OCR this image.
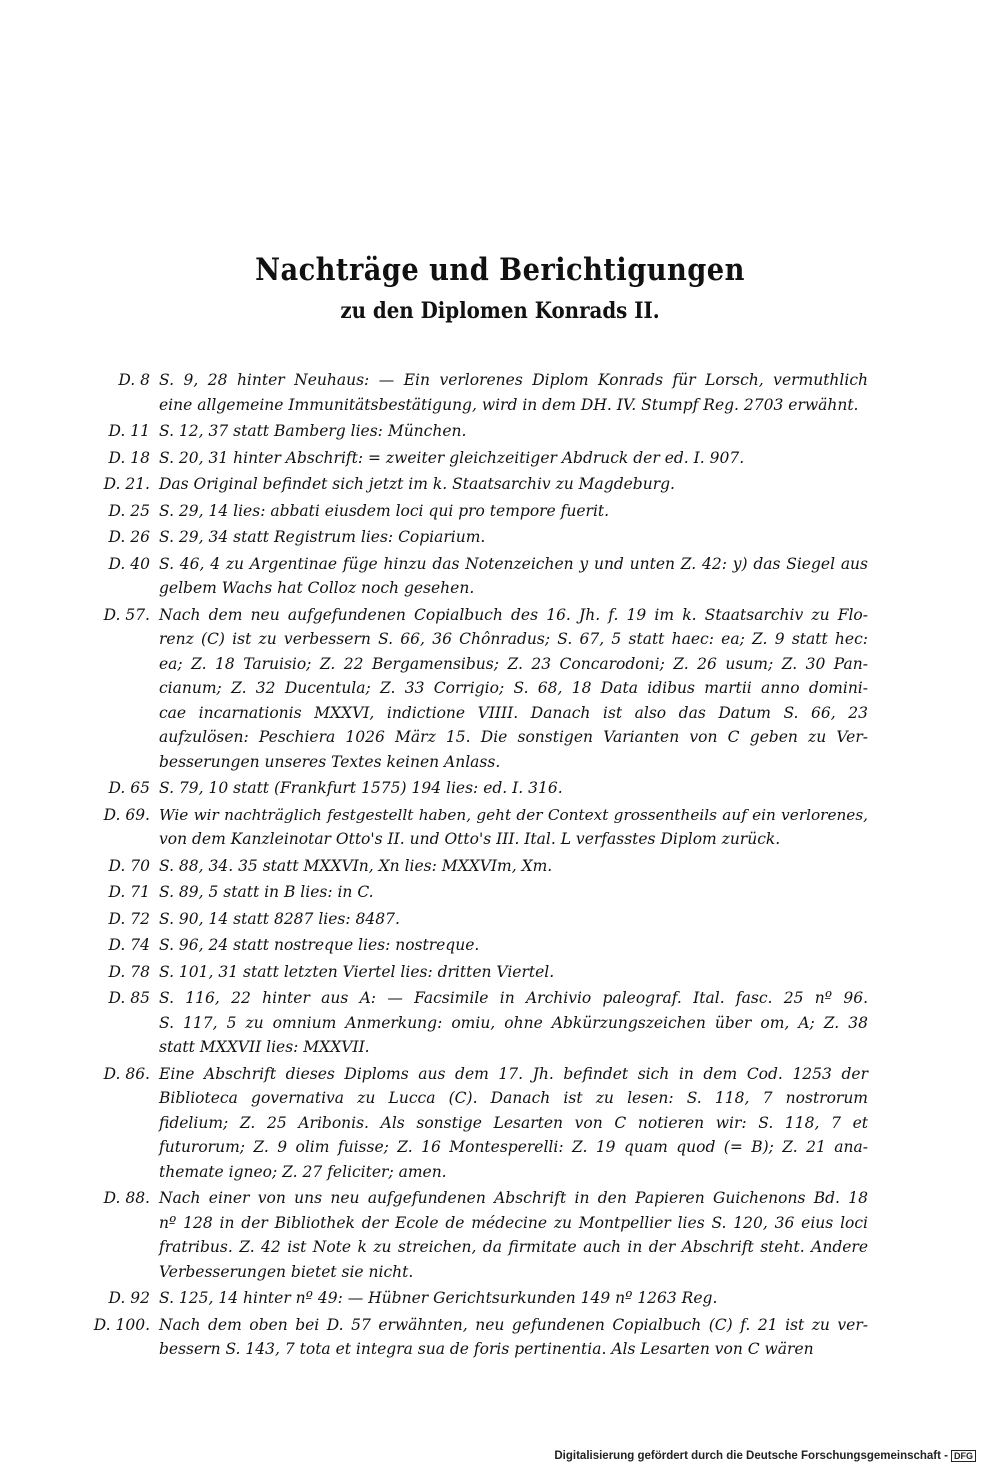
Nachträge und Berichtigungen
zu den Diplomen Konrads II.
D. 8 S. 9, 28 hinter Neuhaus: — Ein verlorenes Diplom Konrads für Lorsch, vermuthlich
eine allgemeine Immunitätsbestätigung, wird in dem DH. IV. Stumpf Reg. 2703 erwähnt.
D. 11 S. 12, 37 statt Bamberg lies: München.
D. 18 S. 20, 31 hinter Abschrift: = zweiter gleichzeitiger Abdruck der ed. I. 907.
D. 21. Das Original befindet sich jetzt im k. Staatsarchiv zu Magdeburg.
D. 25 S. 29, 14 lies: abbati eiusdem loci qui pro tempore fuerit.
D. 26 S. 29, 34 statt Registrum lies: Copiarium.
D. 40 S. 46, 4 zu Argentinae füge hinzu das Notenzeichen y und unten Z. 42: y) das Siegel aus
gelbem Wachs hat Colloz noch gesehen.
D. 57. Nach dem neu aufgefundenen Copialbuch des 16. Jh. f. 19 im k. Staatsarchiv zu Flo-
renz (C) ist zu verbessern S. 66, 36 Chônradus; S. 67, 5 statt haec: ea; Z. 9 statt hec:
ea; Z. 18 Taruisio; Z. 22 Bergamensibus; Z. 23 Concarodoni; Z. 26 usum; Z. 30 Pan-
cianum; Z. 32 Ducentula; Z. 33 Corrigio; S. 68, 18 Data idibus martii anno domini-
cae incarnationis MXXVI, indictione VIIII. Danach ist also das Datum S. 66, 23
aufzulösen: Peschiera 1026 März 15. Die sonstigen Varianten von C geben zu Ver-
besserungen unseres Textes keinen Anlass.
D. 65 S. 79, 10 statt (Frankfurt 1575) 194 lies: ed. I. 316.
D. 69. Wie wir nachträglich festgestellt haben, geht der Context grossentheils auf ein verlorenes,
von dem Kanzleinotar Otto's II. und Otto's III. Ital. L verfasstes Diplom zurück.
D. 70 S. 88, 34. 35 statt MXXVIn, Xn lies: MXXVIm, Xm.
D. 71 S. 89, 5 statt in B lies: in C.
D. 72 S. 90, 14 statt 8287 lies: 8487.
D. 74 S. 96, 24 statt nostreque lies: nostreque.
D. 78 S. 101, 31 statt letzten Viertel lies: dritten Viertel.
D. 85 S. 116, 22 hinter aus A: — Facsimile in Archivio paleograf. Ital. fasc. 25 nº 96.
S. 117, 5 zu omnium Anmerkung: omiu, ohne Abkürzungszeichen über om, A; Z. 38
statt MXXVII lies: MXXVII.
D. 86. Eine Abschrift dieses Diploms aus dem 17. Jh. befindet sich in dem Cod. 1253 der
Biblioteca governativa zu Lucca (C). Danach ist zu lesen: S. 118, 7 nostrorum
fidelium; Z. 25 Aribonis. Als sonstige Lesarten von C notieren wir: S. 118, 7 et
futurorum; Z. 9 olim fuisse; Z. 16 Montesperelli: Z. 19 quam quod (= B); Z. 21 ana-
themate igneo; Z. 27 feliciter; amen.
D. 88. Nach einer von uns neu aufgefundenen Abschrift in den Papieren Guichenons Bd. 18
nº 128 in der Bibliothek der Ecole de médecine zu Montpellier lies S. 120, 36 eius loci
fratribus. Z. 42 ist Note k zu streichen, da firmitate auch in der Abschrift steht. Andere
Verbesserungen bietet sie nicht.
D. 92 S. 125, 14 hinter nº 49: — Hübner Gerichtsurkunden 149 nº 1263 Reg.
D. 100. Nach dem oben bei D. 57 erwähnten, neu gefundenen Copialbuch (C) f. 21 ist zu ver-
bessern S. 143, 7 tota et integra sua de foris pertinentia. Als Lesarten von C wären
Digitalisierung gefördert durch die Deutsche Forschungsgemeinschaft - DFG
